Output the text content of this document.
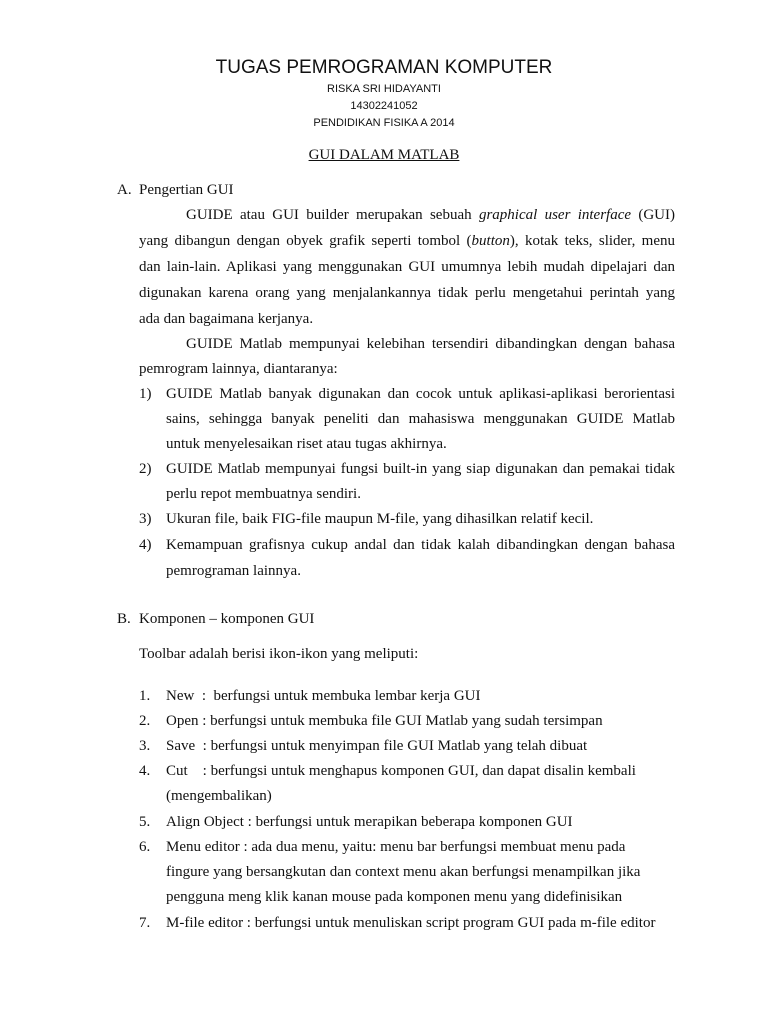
TUGAS PEMROGRAMAN KOMPUTER
RISKA SRI HIDAYANTI
14302241052
PENDIDIKAN FISIKA A 2014
GUI DALAM MATLAB
A. Pengertian GUI
GUIDE atau GUI builder merupakan sebuah graphical user interface (GUI)
yang dibangun dengan obyek grafik seperti tombol (button), kotak teks, slider, menu
dan lain-lain. Aplikasi yang menggunakan GUI umumnya lebih mudah dipelajari dan
digunakan karena orang yang menjalankannya tidak perlu mengetahui perintah yang
ada dan bagaimana kerjanya.
GUIDE Matlab mempunyai kelebihan tersendiri dibandingkan dengan bahasa
pemrogram lainnya, diantaranya:
1) GUIDE Matlab banyak digunakan dan cocok untuk aplikasi-aplikasi berorientasi
sains, sehingga banyak peneliti dan mahasiswa menggunakan GUIDE Matlab
untuk menyelesaikan riset atau tugas akhirnya.
2) GUIDE Matlab mempunyai fungsi built-in yang siap digunakan dan pemakai tidak
perlu repot membuatnya sendiri.
3) Ukuran file, baik FIG-file maupun M-file, yang dihasilkan relatif kecil.
4) Kemampuan grafisnya cukup andal dan tidak kalah dibandingkan dengan bahasa
pemrograman lainnya.
B. Komponen – komponen GUI
Toolbar adalah berisi ikon-ikon yang meliputi:
1. New  :  berfungsi untuk membuka lembar kerja GUI
2. Open : berfungsi untuk membuka file GUI Matlab yang sudah tersimpan
3. Save  : berfungsi untuk menyimpan file GUI Matlab yang telah dibuat
4. Cut    : berfungsi untuk menghapus komponen GUI, dan dapat disalin kembali
(mengembalikan)
5. Align Object : berfungsi untuk merapikan beberapa komponen GUI
6. Menu editor : ada dua menu, yaitu: menu bar berfungsi membuat menu pada
fingure yang bersangkutan dan context menu akan berfungsi menampilkan jika
pengguna meng klik kanan mouse pada komponen menu yang didefinisikan
7. M-file editor : berfungsi untuk menuliskan script program GUI pada m-file editor
